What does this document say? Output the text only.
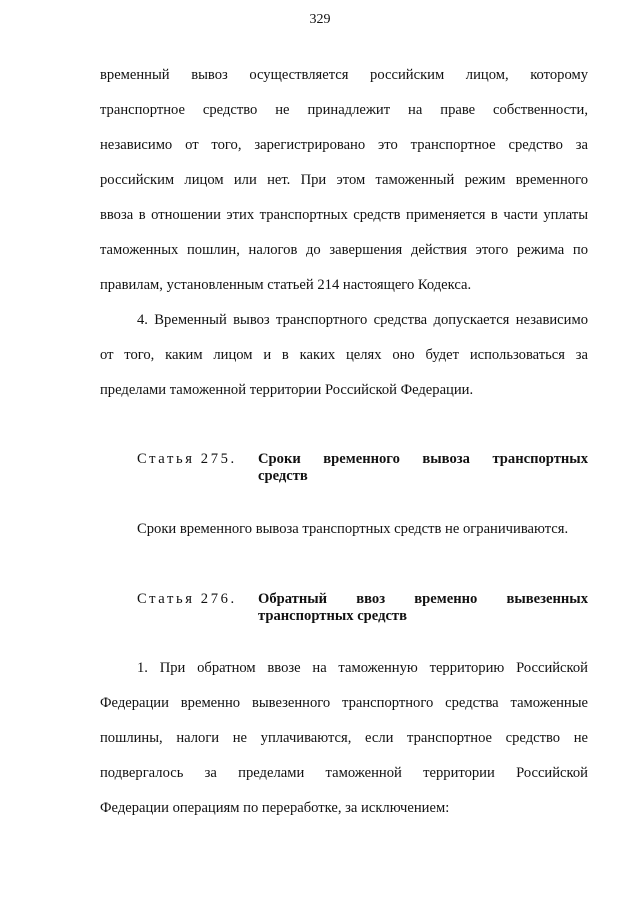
329
временный вывоз осуществляется российским лицом, которому
транспортное средство не принадлежит на праве собственности,
независимо от того, зарегистрировано это транспортное средство за
российским лицом или нет. При этом таможенный режим временного
ввоза в отношении этих транспортных средств применяется в части уплаты
таможенных пошлин, налогов до завершения действия этого режима по
правилам, установленным статьей 214 настоящего Кодекса.
4. Временный вывоз транспортного средства допускается независимо
от того, каким лицом и в каких целях оно будет использоваться за
пределами таможенной территории Российской Федерации.
Статья 275. Сроки временного вывоза транспортных
средств
Сроки временного вывоза транспортных средств не ограничиваются.
Статья 276. Обратный ввоз временно вывезенных
транспортных средств
1. При обратном ввозе на таможенную территорию Российской
Федерации временно вывезенного транспортного средства таможенные
пошлины, налоги не уплачиваются, если транспортное средство не
подвергалось за пределами таможенной территории Российской
Федерации операциям по переработке, за исключением:
